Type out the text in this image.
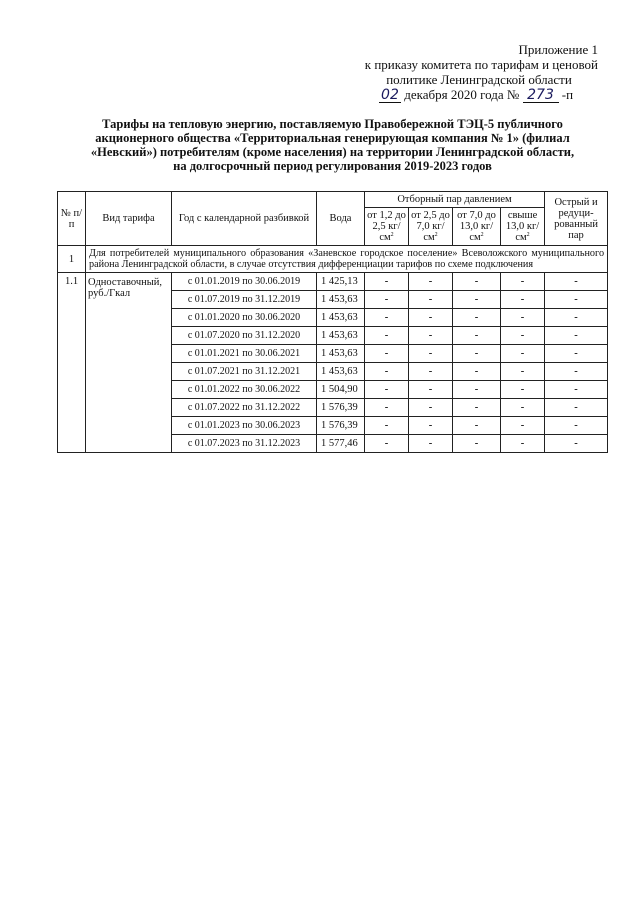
Приложение 1
к приказу комитета по тарифам и ценовой
политике Ленинградской области
02 декабря 2020 года № 273 -п
Тарифы на тепловую энергию, поставляемую Правобережной ТЭЦ-5 публичного
акционерного общества «Территориальная генерирующая компания № 1» (филиал
«Невский») потребителям (кроме населения) на территории Ленинградской области,
на долгосрочный период регулирования 2019-2023 годов
№ п/п	Вид тарифа	Год с календарной разбивкой	Вода	Отборный пар давлением				Острый и редуци- рованный пар
				от 1,2 до 2,5 $кг/см^2$	от 2,5 до 7,0 $кг/см^2$	от 7,0 до 13,0 $кг/см^2$	свыше 13,0 $кг/см^2$
1	Для потребителей муниципального образования «Заневское городское поселение» Всеволожского муниципального района Ленинградской области, в случае отсутствия дифференциации тарифов по схеме подключения							
1.1	Одноставочный, руб./Гкал	с 01.01.2019 по 30.06.2019	1 425,13	-	-	-	-	-
		с 01.07.2019 по 31.12.2019	1 453,63	-	-	-	-	-
		с 01.01.2020 по 30.06.2020	1 453,63	-	-	-	-	-
		с 01.07.2020 по 31.12.2020	1 453,63	-	-	-	-	-
		с 01.01.2021 по 30.06.2021	1 453,63	-	-	-	-	-
		с 01.07.2021 по 31.12.2021	1 453,63	-	-	-	-	-
		с 01.01.2022 по 30.06.2022	1 504,90	-	-	-	-	-
		с 01.07.2022 по 31.12.2022	1 576,39	-	-	-	-	-
		с 01.01.2023 по 30.06.2023	1 576,39	-	-	-	-	-
		с 01.07.2023 по 31.12.2023	1 577,46	-	-	-	-	-
